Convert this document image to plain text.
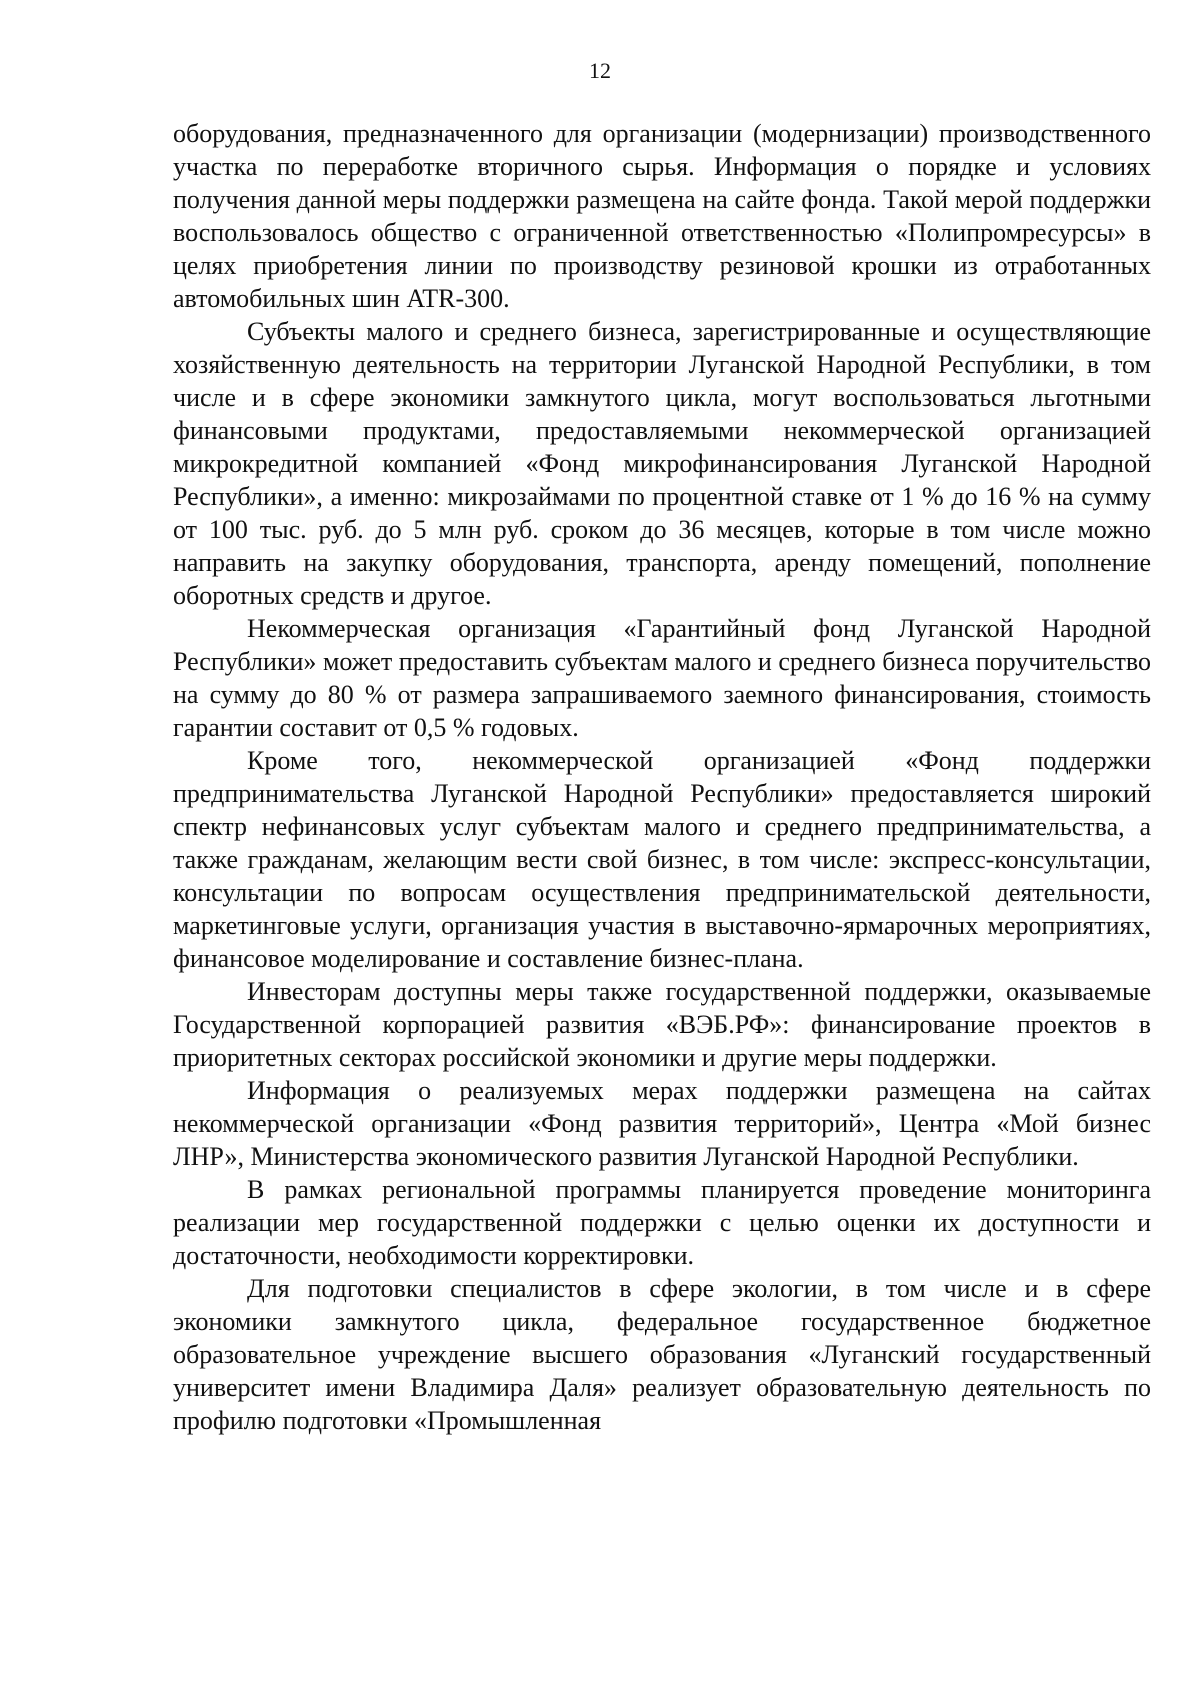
12

оборудования, предназначенного для организации (модернизации) производственного участка по переработке вторичного сырья. Информация о порядке и условиях получения данной меры поддержки размещена на сайте фонда. Такой мерой поддержки воспользовалось общество с ограниченной ответственностью «Полипромресурсы» в целях приобретения линии по производству резиновой крошки из отработанных автомобильных шин ATR-300.

Субъекты малого и среднего бизнеса, зарегистрированные и осуществляющие хозяйственную деятельность на территории Луганской Народной Республики, в том числе и в сфере экономики замкнутого цикла, могут воспользоваться льготными финансовыми продуктами, предоставляемыми некоммерческой организацией микрокредитной компанией «Фонд микрофинансирования Луганской Народной Республики», а именно: микрозаймами по процентной ставке от 1 % до 16 % на сумму от 100 тыс. руб. до 5 млн руб. сроком до 36 месяцев, которые в том числе можно направить на закупку оборудования, транспорта, аренду помещений, пополнение оборотных средств и другое.

Некоммерческая организация «Гарантийный фонд Луганской Народной Республики» может предоставить субъектам малого и среднего бизнеса поручительство на сумму до 80 % от размера запрашиваемого заемного финансирования, стоимость гарантии составит от 0,5 % годовых.

Кроме того, некоммерческой организацией «Фонд поддержки предпринимательства Луганской Народной Республики» предоставляется широкий спектр нефинансовых услуг субъектам малого и среднего предпринимательства, а также гражданам, желающим вести свой бизнес, в том числе: экспресс-консультации, консультации по вопросам осуществления предпринимательской деятельности, маркетинговые услуги, организация участия в выставочно-ярмарочных мероприятиях, финансовое моделирование и составление бизнес-плана.

Инвесторам доступны меры также государственной поддержки, оказываемые Государственной корпорацией развития «ВЭБ.РФ»: финансирование проектов в приоритетных секторах российской экономики и другие меры поддержки.

Информация о реализуемых мерах поддержки размещена на сайтах некоммерческой организации «Фонд развития территорий», Центра «Мой бизнес ЛНР», Министерства экономического развития Луганской Народной Республики.

В рамках региональной программы планируется проведение мониторинга реализации мер государственной поддержки с целью оценки их доступности и достаточности, необходимости корректировки.

Для подготовки специалистов в сфере экологии, в том числе и в сфере экономики замкнутого цикла, федеральное государственное бюджетное образовательное учреждение высшего образования «Луганский государственный университет имени Владимира Даля» реализует образовательную деятельность по профилю подготовки «Промышленная
